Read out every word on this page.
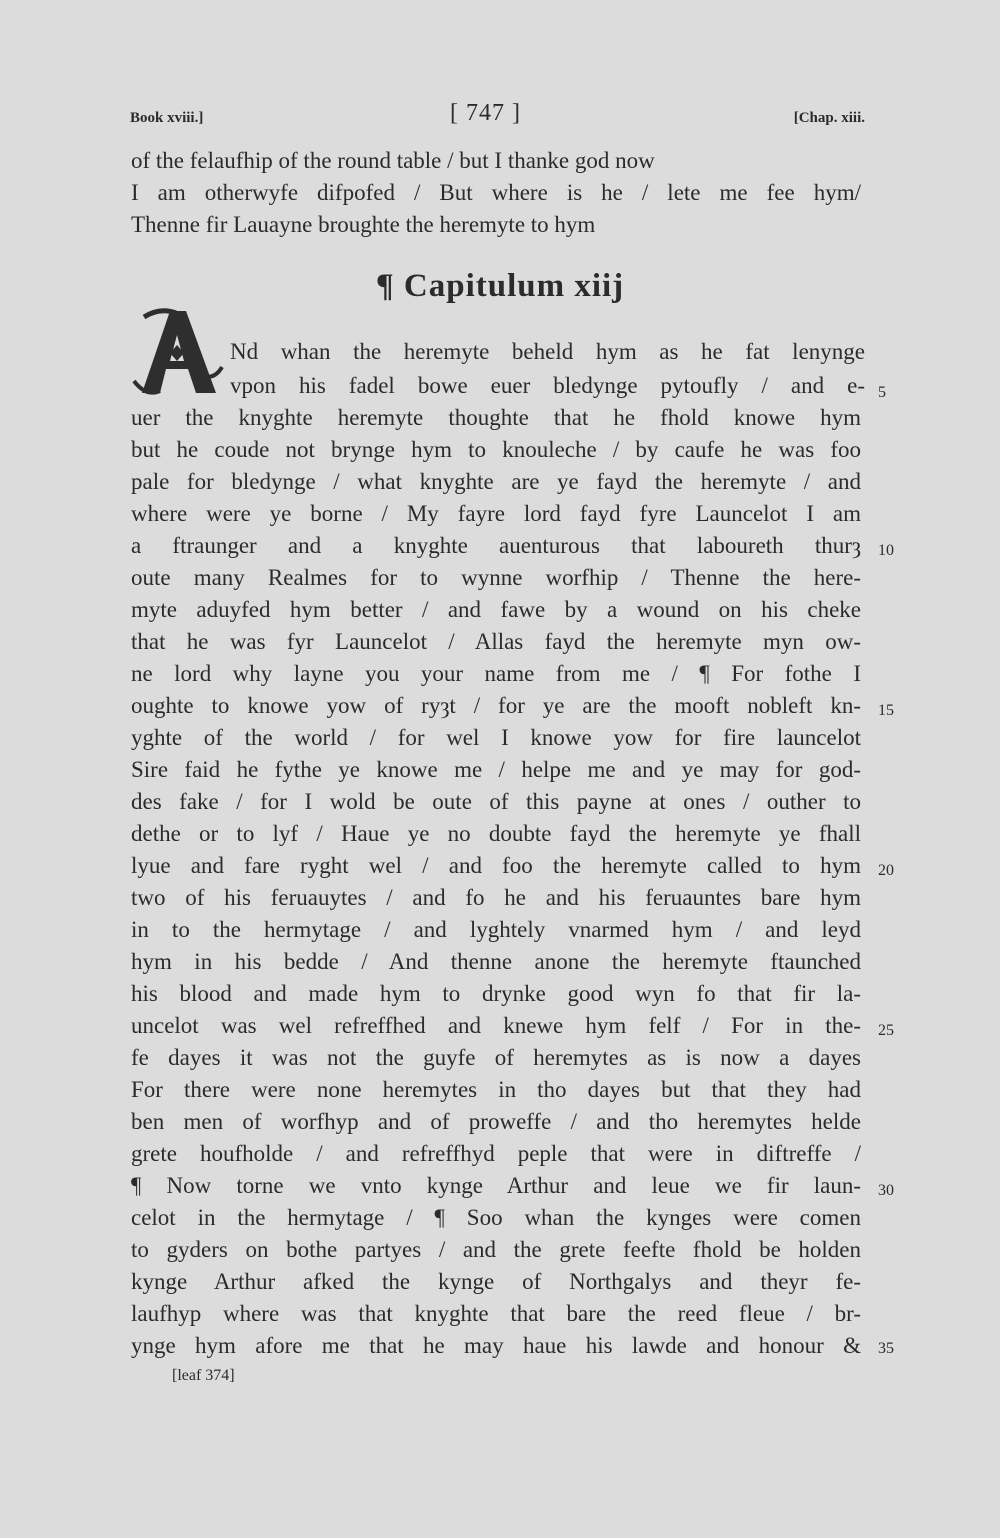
Book xviii.]	[ 747 ]	[Chap. xiii.
of the felaufhip of the round table / but I thanke god now
I am otherwyfe difpofed / But where is he / lete me fee hym/
Thenne fir Lauayne broughte the heremyte to hym
¶ Capitulum xiij
Nd whan the heremyte beheld hym as he fat lenynge
vpon his fadel bowe euer bledynge pytoufly / and e-
uer the knyghte heremyte thoughte that he fhold knowe hym
but he coude not brynge hym to knouleche / by caufe he was foo
pale for bledynge / what knyghte are ye fayd the heremyte / and
where were ye borne / My fayre lord fayd fyre Launcelot I am
a ftraunger and a knyghte auenturous that laboureth thurȝ
oute many Realmes for to wynne worfhip / Thenne the here-
myte aduyfed hym better / and fawe by a wound on his cheke
that he was fyr Launcelot / Allas fayd the heremyte myn ow-
ne lord why layne you your name from me / ¶ For fothe I
oughte to knowe yow of ryȝt / for ye are the mooft nobleft kn-
yghte of the world / for wel I knowe yow for fire launcelot
Sire faid he fythe ye knowe me / helpe me and ye may for god-
des fake / for I wold be oute of this payne at ones / outher to
dethe or to lyf / Haue ye no doubte fayd the heremyte ye fhall
lyue and fare ryght wel / and foo the heremyte called to hym
two of his feruauytes / and fo he and his feruauntes bare hym
in to the hermytage / and lyghtely vnarmed hym / and leyd
hym in his bedde / And thenne anone the heremyte ftaunched
his blood and made hym to drynke good wyn fo that fir la-
uncelot was wel refreffhed and knewe hym felf / For in the-
fe dayes it was not the guyfe of heremytes as is now a dayes
For there were none heremytes in tho dayes but that they had
ben men of worfhyp and of proweffe / and tho heremytes helde
grete houfholde / and refreffhyd peple that were in diftreffe /
¶ Now torne we vnto kynge Arthur and leue we fir laun-
celot in the hermytage / ¶ Soo whan the kynges were comen
to gyders on bothe partyes / and the grete feefte fhold be holden
kynge Arthur afked the kynge of Northgalys and theyr fe-
laufhyp where was that knyghte that bare the reed fleue / br-
ynge hym afore me that he may haue his lawde and honour &
5
10
15
20
25
30
35
[leaf 374]
